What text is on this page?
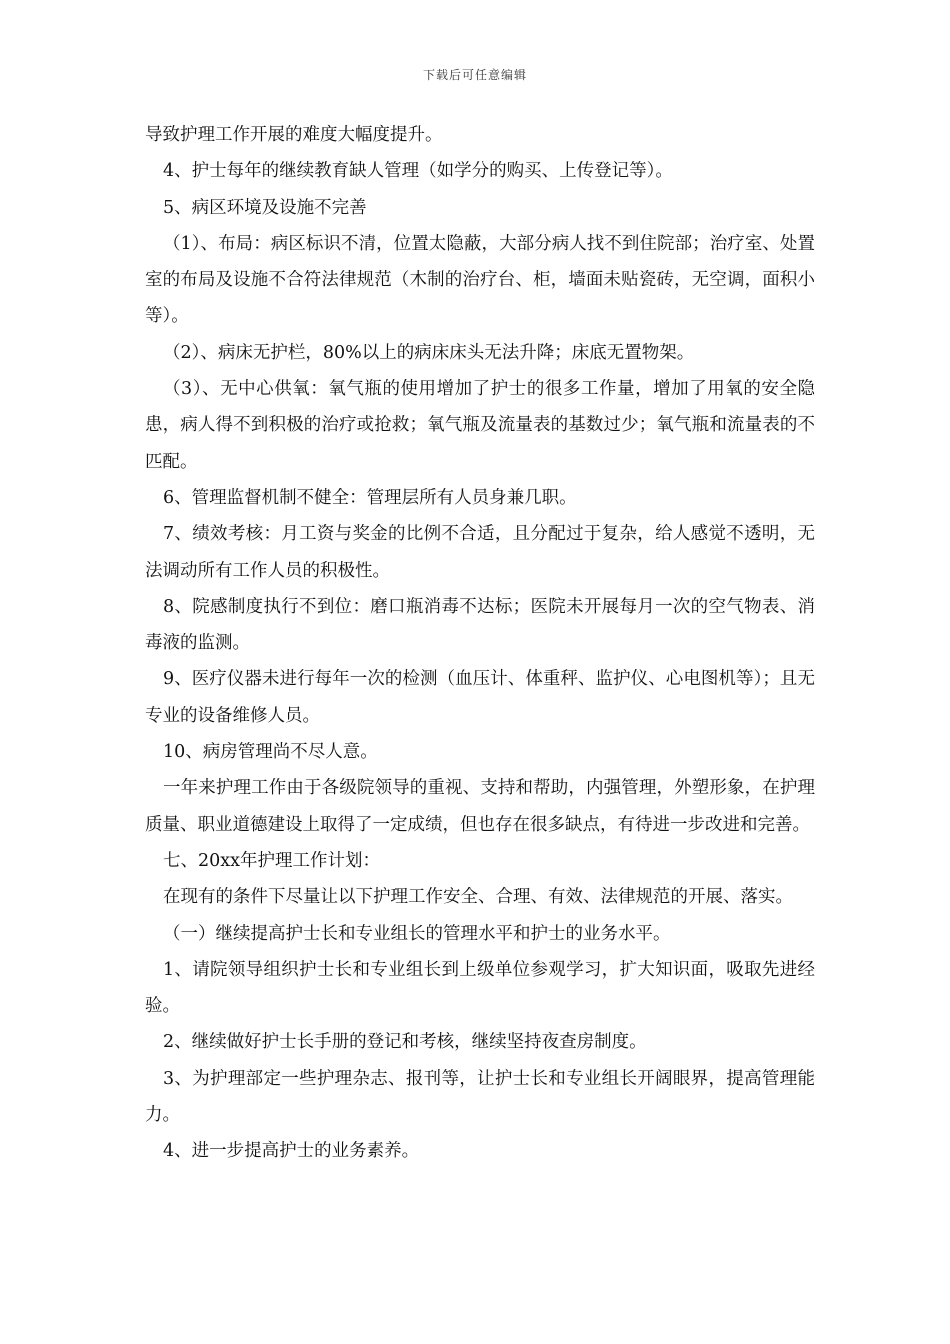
下载后可任意编辑

导致护理工作开展的难度大幅度提升。

4、护士每年的继续教育缺人管理（如学分的购买、上传登记等）。

5、病区环境及设施不完善

（1）、布局：病区标识不清，位置太隐蔽，大部分病人找不到住院部；治疗室、处置室的布局及设施不合符法律规范（木制的治疗台、柜，墙面未贴瓷砖，无空调，面积小等）。

（2）、病床无护栏，80%以上的病床床头无法升降；床底无置物架。

（3）、无中心供氧：氧气瓶的使用增加了护士的很多工作量，增加了用氧的安全隐患，病人得不到积极的治疗或抢救；氧气瓶及流量表的基数过少；氧气瓶和流量表的不匹配。

6、管理监督机制不健全：管理层所有人员身兼几职。

7、绩效考核：月工资与奖金的比例不合适，且分配过于复杂，给人感觉不透明，无法调动所有工作人员的积极性。

8、院感制度执行不到位：磨口瓶消毒不达标；医院未开展每月一次的空气物表、消毒液的监测。

9、医疗仪器未进行每年一次的检测（血压计、体重秤、监护仪、心电图机等）；且无专业的设备维修人员。

10、病房管理尚不尽人意。

一年来护理工作由于各级院领导的重视、支持和帮助，内强管理，外塑形象，在护理质量、职业道德建设上取得了一定成绩，但也存在很多缺点，有待进一步改进和完善。

七、20xx年护理工作计划：

在现有的条件下尽量让以下护理工作安全、合理、有效、法律规范的开展、落实。

（一）继续提高护士长和专业组长的管理水平和护士的业务水平。

1、请院领导组织护士长和专业组长到上级单位参观学习，扩大知识面，吸取先进经验。

2、继续做好护士长手册的登记和考核，继续坚持夜查房制度。

3、为护理部定一些护理杂志、报刊等，让护士长和专业组长开阔眼界，提高管理能力。

4、进一步提高护士的业务素养。
